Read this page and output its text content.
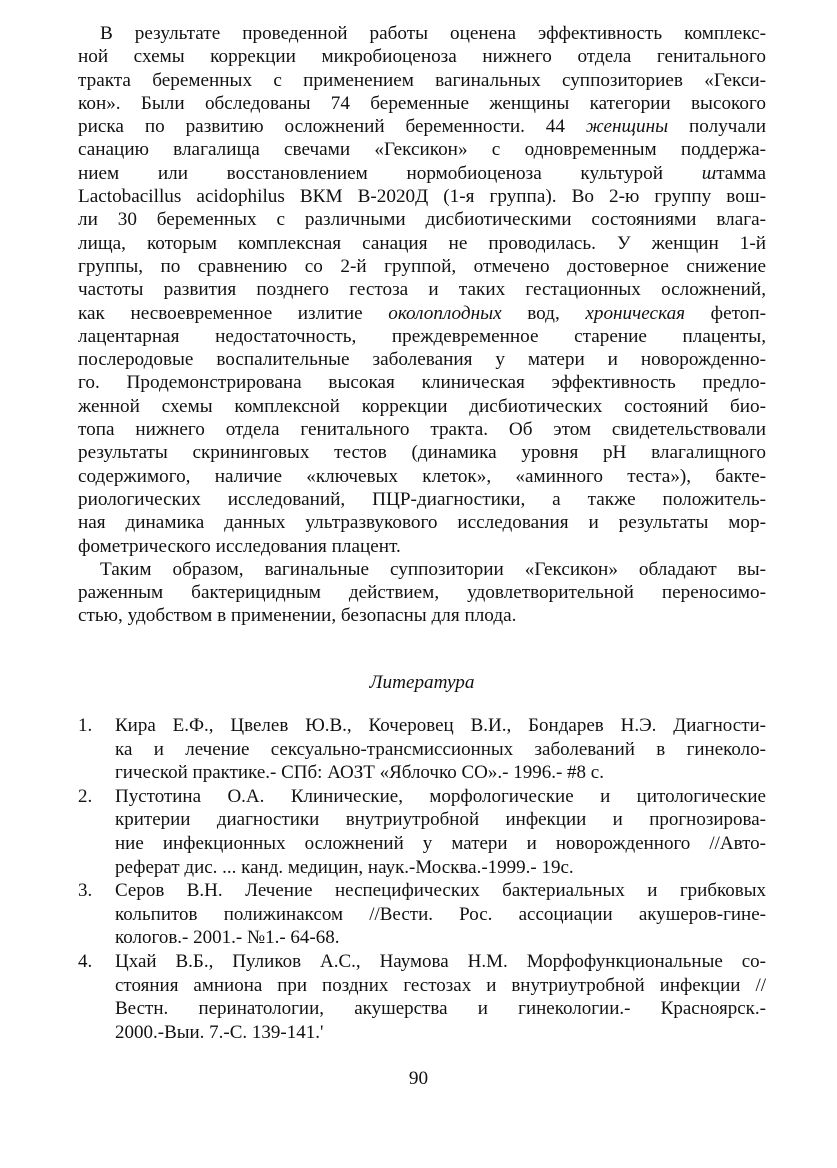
В результате проведенной работы оценена эффективность комплекс-
ной схемы коррекции микробиоценоза нижнего отдела генитального
тракта беременных с применением вагинальных суппозиториев «Гекси-
кон». Были обследованы 74 беременные женщины категории высокого
риска по развитию осложнений беременности. 44 женщины получали
санацию влагалища свечами «Гексикон» с одновременным поддержа-
нием или восстановлением нормобиоценоза культурой штамма
Lactobacillus acidophilus ВКМ В-2020Д (1-я группа). Во 2-ю группу вош-
ли 30 беременных с различными дисбиотическими состояниями влага-
лища, которым комплексная санация не проводилась. У женщин 1-й
группы, по сравнению со 2-й группой, отмечено достоверное снижение
частоты развития позднего гестоза и таких гестационных осложнений,
как несвоевременное излитие околоплодных вод, хроническая фетоп-
лацентарная недостаточность, преждевременное старение плаценты,
послеродовые воспалительные заболевания у матери и новорожденно-
го. Продемонстрирована высокая клиническая эффективность предло-
женной схемы комплексной коррекции дисбиотических состояний био-
топа нижнего отдела генитального тракта. Об этом свидетельствовали
результаты скрининговых тестов (динамика уровня pH влагалищного
содержимого, наличие «ключевых клеток», «аминного теста»), бакте-
риологических исследований, ПЦР-диагностики, а также положитель-
ная динамика данных ультразвукового исследования и результаты мор-
фометрического исследования плацент.
Таким образом, вагинальные суппозитории «Гексикон» обладают вы-
раженным бактерицидным действием, удовлетворительной переносимо-
стью, удобством в применении, безопасны для плода.
Литература
1. Кира Е.Ф., Цвелев Ю.В., Кочеровец В.И., Бондарев Н.Э. Диагности-
ка и лечение сексуально-трансмиссионных заболеваний в гинеколо-
гической практике.- СПб: АОЗТ «Яблочко СО».- 1996.- #8 с.
2. Пустотина О.А. Клинические, морфологические и цитологические
критерии диагностики внутриутробной инфекции и прогнозирова-
ние инфекционных осложнений у матери и новорожденного //Авто-
реферат дис. ... канд. медицин, наук.-Москва.-1999.- 19с.
3. Серов В.Н. Лечение неспецифических бактериальных и грибковых
кольпитов полижинаксом //Вести. Рос. ассоциации акушеров-гине-
кологов.- 2001.- №1.- 64-68.
4. Цхай В.Б., Пуликов А.С., Наумова Н.М. Морфофункциональные со-
стояния амниона при поздних гестозах и внутриутробной инфекции //
Вестн. перинатологии, акушерства и гинекологии.- Красноярск.-
2000.-Выи. 7.-С. 139-141.'
90
